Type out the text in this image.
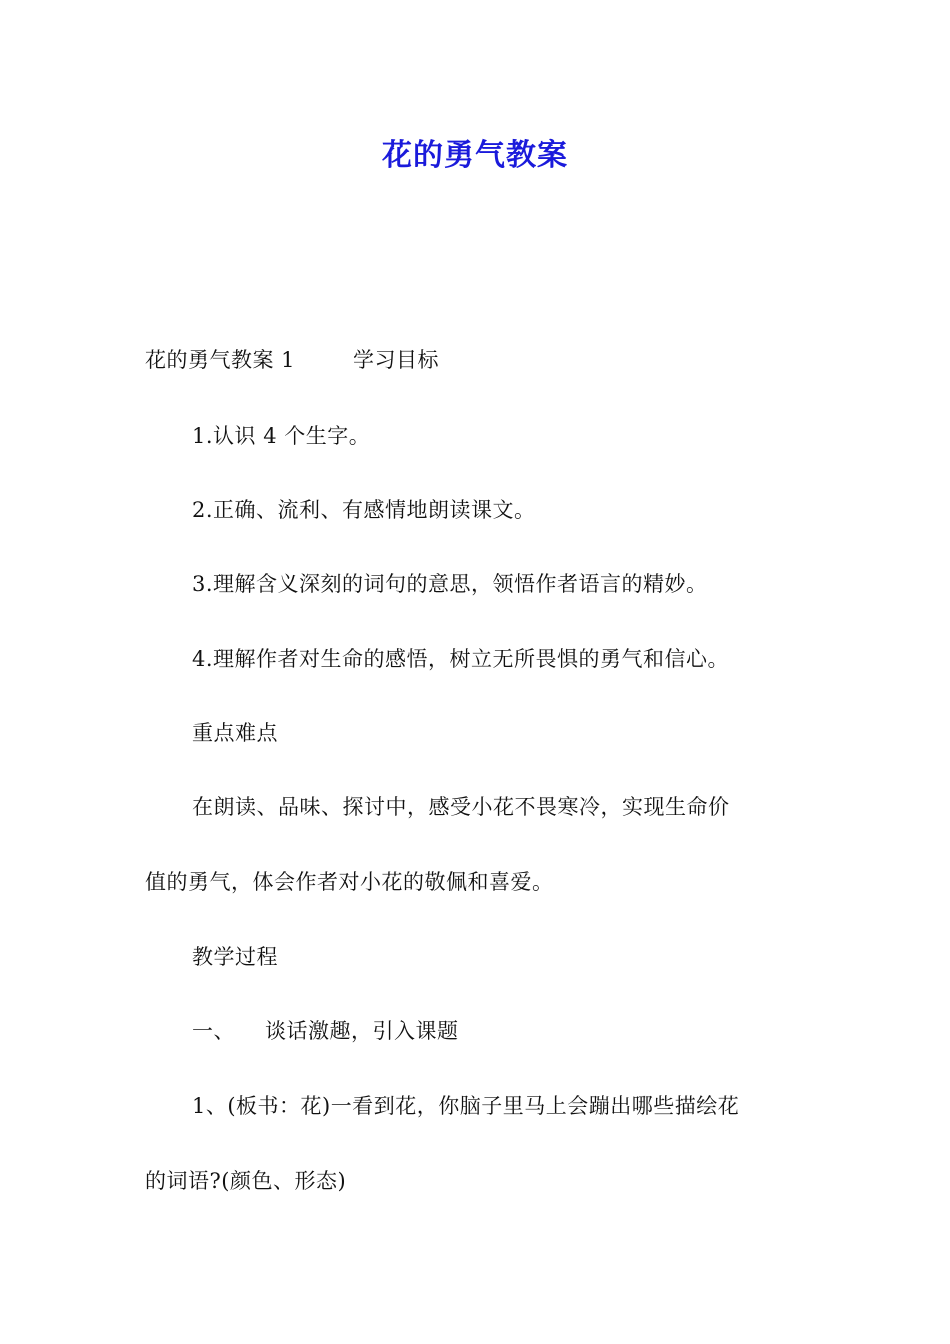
花的勇气教案
花的勇气教案 1	学习目标
1.认识 4 个生字。
2.正确、流利、有感情地朗读课文。
3.理解含义深刻的词句的意思，领悟作者语言的精妙。
4.理解作者对生命的感悟，树立无所畏惧的勇气和信心。
重点难点
在朗读、品味、探讨中，感受小花不畏寒冷，实现生命价
值的勇气，体会作者对小花的敬佩和喜爱。
教学过程
一、 谈话激趣，引入课题
1、(板书：花)一看到花，你脑子里马上会蹦出哪些描绘花
的词语?(颜色、形态)
